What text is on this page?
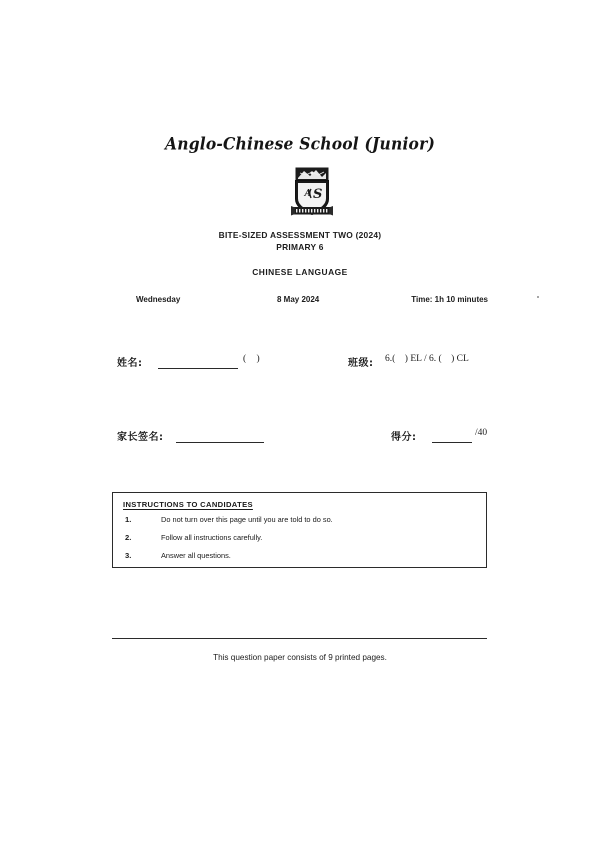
Anglo-Chinese School (Junior)
A S
BITE-SIZED ASSESSMENT TWO (2024)
PRIMARY 6
CHINESE LANGUAGE
Wednesday	8 May 2024	Time: 1h 10 minutes
姓名:	( )	班级: 6.(    ) EL / 6. (    ) CL
家长签名:	得分:	/40
INSTRUCTIONS TO CANDIDATES
1.	Do not turn over this page until you are told to do so.
2.	Follow all instructions carefully.
3.	Answer all questions.
This question paper consists of 9 printed pages.
